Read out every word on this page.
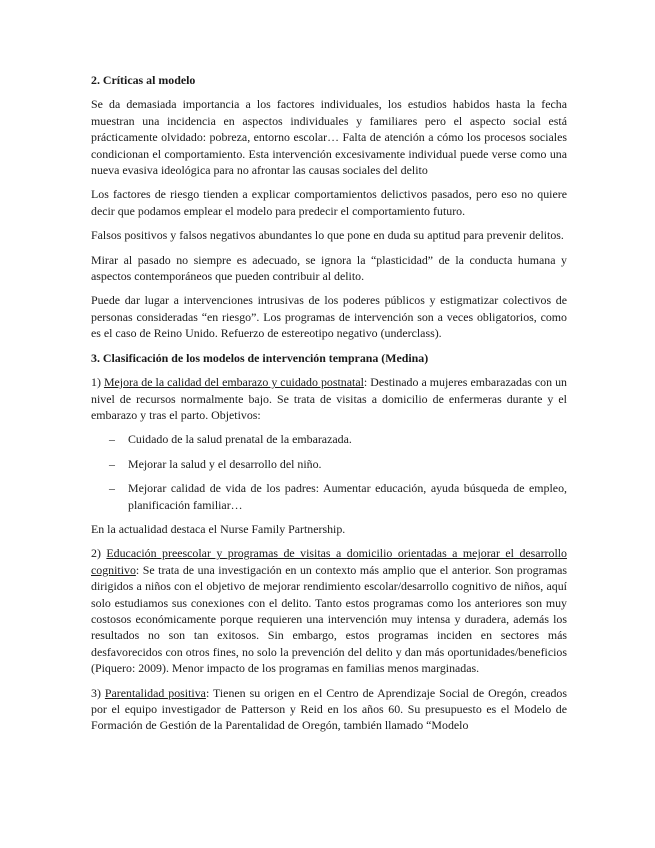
2. Críticas al modelo

Se da demasiada importancia a los factores individuales, los estudios habidos hasta la fecha muestran una incidencia en aspectos individuales y familiares pero el aspecto social está prácticamente olvidado: pobreza, entorno escolar… Falta de atención a cómo los procesos sociales condicionan el comportamiento. Esta intervención excesivamente individual puede verse como una nueva evasiva ideológica para no afrontar las causas sociales del delito

Los factores de riesgo tienden a explicar comportamientos delictivos pasados, pero eso no quiere decir que podamos emplear el modelo para predecir el comportamiento futuro.

Falsos positivos y falsos negativos abundantes lo que pone en duda su aptitud para prevenir delitos.

Mirar al pasado no siempre es adecuado, se ignora la “plasticidad” de la conducta humana y aspectos contemporáneos que pueden contribuir al delito.

Puede dar lugar a intervenciones intrusivas de los poderes públicos y estigmatizar colectivos de personas consideradas “en riesgo”. Los programas de intervención son a veces obligatorios, como es el caso de Reino Unido. Refuerzo de estereotipo negativo (underclass).

3. Clasificación de los modelos de intervención temprana (Medina)

1) Mejora de la calidad del embarazo y cuidado postnatal: Destinado a mujeres embarazadas con un nivel de recursos normalmente bajo. Se trata de visitas a domicilio de enfermeras durante y el embarazo y tras el parto. Objetivos:

– Cuidado de la salud prenatal de la embarazada.
– Mejorar la salud y el desarrollo del niño.
– Mejorar calidad de vida de los padres: Aumentar educación, ayuda búsqueda de empleo, planificación familiar…

En la actualidad destaca el Nurse Family Partnership.

2) Educación preescolar y programas de visitas a domicilio orientadas a mejorar el desarrollo cognitivo: Se trata de una investigación en un contexto más amplio que el anterior. Son programas dirigidos a niños con el objetivo de mejorar rendimiento escolar/desarrollo cognitivo de niños, aquí solo estudiamos sus conexiones con el delito. Tanto estos programas como los anteriores son muy costosos económicamente porque requieren una intervención muy intensa y duradera, además los resultados no son tan exitosos. Sin embargo, estos programas inciden en sectores más desfavorecidos con otros fines, no solo la prevención del delito y dan más oportunidades/beneficios (Piquero: 2009). Menor impacto de los programas en familias menos marginadas.

3) Parentalidad positiva: Tienen su origen en el Centro de Aprendizaje Social de Oregón, creados por el equipo investigador de Patterson y Reid en los años 60. Su presupuesto es el Modelo de Formación de Gestión de la Parentalidad de Oregón, también llamado “Modelo
